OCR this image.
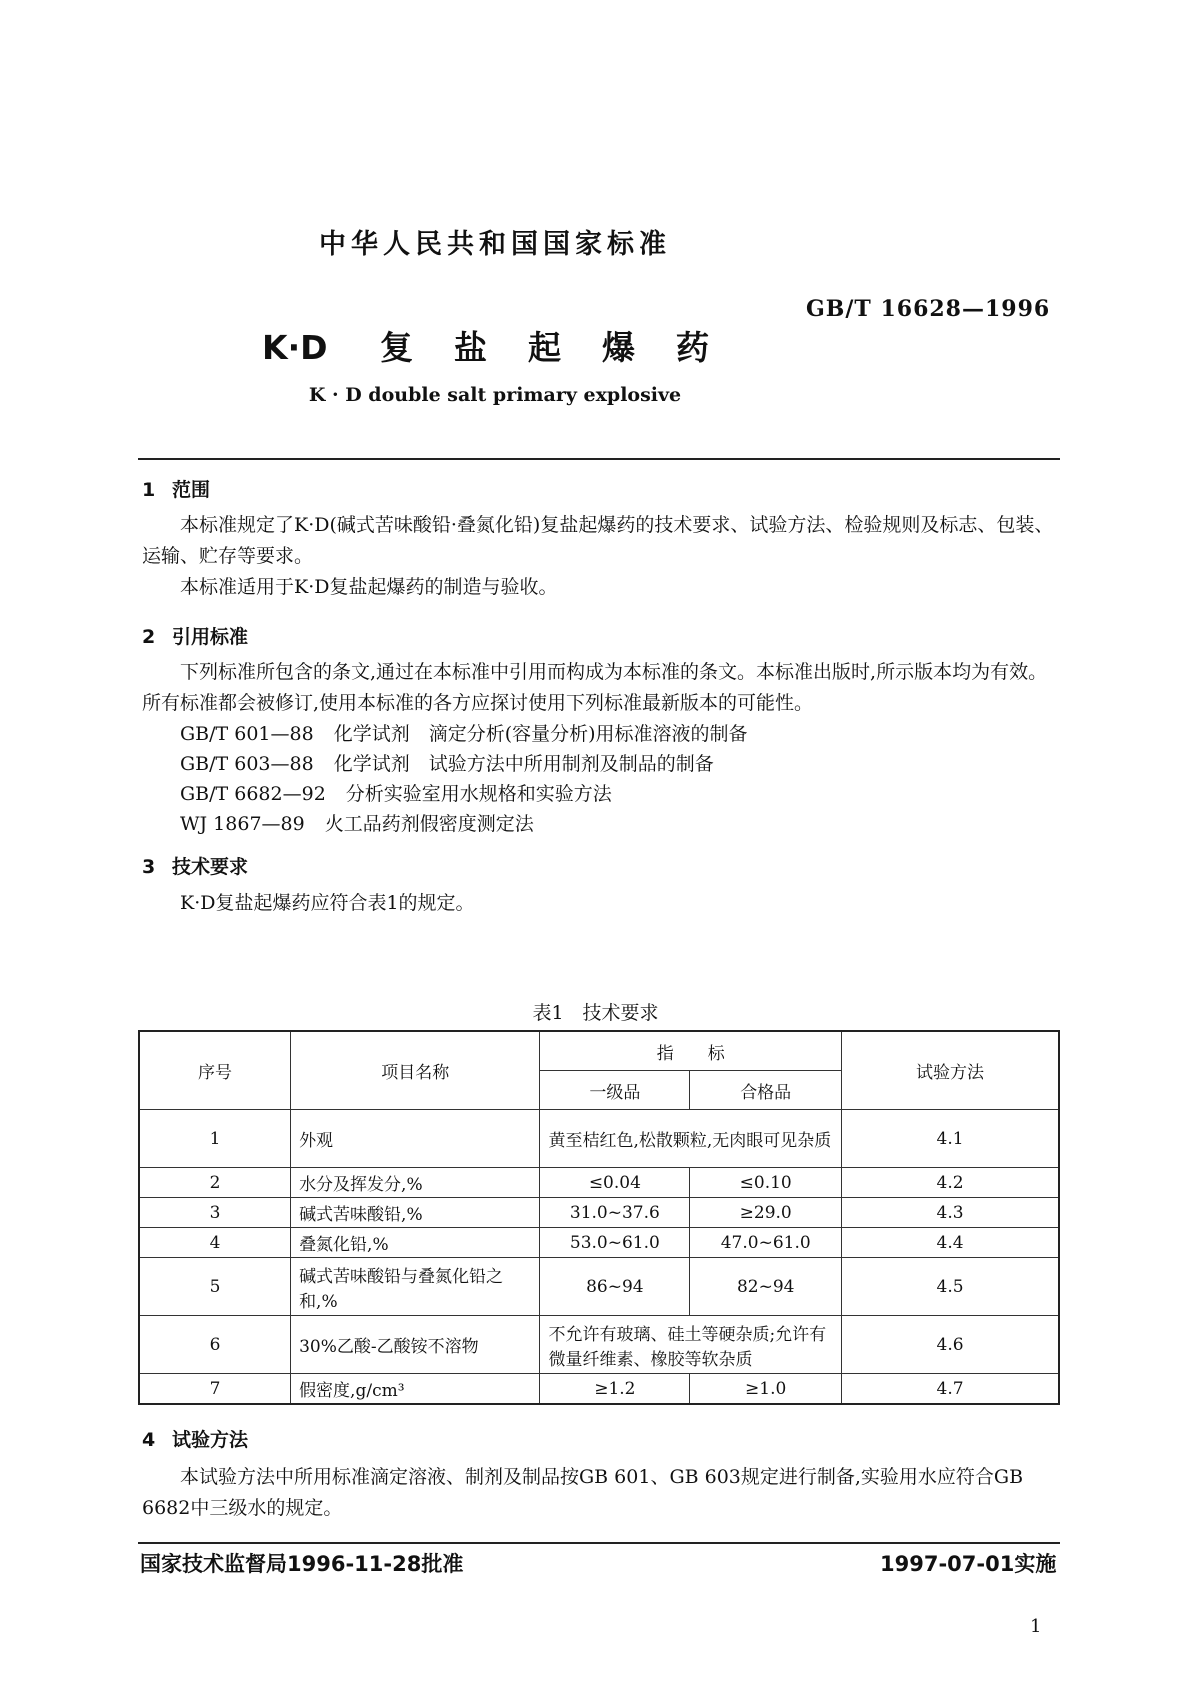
中华人民共和国国家标准
GB/T 16628—1996
K·D 复 盐 起 爆 药
K · D double salt primary explosive
1 范围
本标准规定了K·D(碱式苦味酸铅·叠氮化铅)复盐起爆药的技术要求、试验方法、检验规则及标志、包装、运输、贮存等要求。
本标准适用于K·D复盐起爆药的制造与验收。
2 引用标准
下列标准所包含的条文,通过在本标准中引用而构成为本标准的条文。本标准出版时,所示版本均为有效。所有标准都会被修订,使用本标准的各方应探讨使用下列标准最新版本的可能性。
GB/T 601—88 化学试剂　滴定分析(容量分析)用标准溶液的制备
GB/T 603—88 化学试剂　试验方法中所用制剂及制品的制备
GB/T 6682—92 分析实验室用水规格和实验方法
WJ 1867—89 火工品药剂假密度测定法
3 技术要求
K·D复盐起爆药应符合表1的规定。
表1　技术要求
序号	项目名称	指　　标		试验方法
		一级品	合格品	
1	外观	黄至桔红色,松散颗粒,无肉眼可见杂质		4.1
2	水分及挥发分,%	≤0.04	≤0.10	4.2
3	碱式苦味酸铅,%	31.0~37.6	≥29.0	4.3
4	叠氮化铅,%	53.0~61.0	47.0~61.0	4.4
5	碱式苦味酸铅与叠氮化铅之和,%	86~94	82~94	4.5
6	30%乙酸-乙酸铵不溶物	不允许有玻璃、硅土等硬杂质;允许有微量纤维素、橡胶等软杂质		4.6
7	假密度,g/cm³	≥1.2	≥1.0	4.7
4 试验方法
本试验方法中所用标准滴定溶液、制剂及制品按GB 601、GB 603规定进行制备,实验用水应符合GB 6682中三级水的规定。
国家技术监督局1996-11-28批准	1997-07-01实施
1
